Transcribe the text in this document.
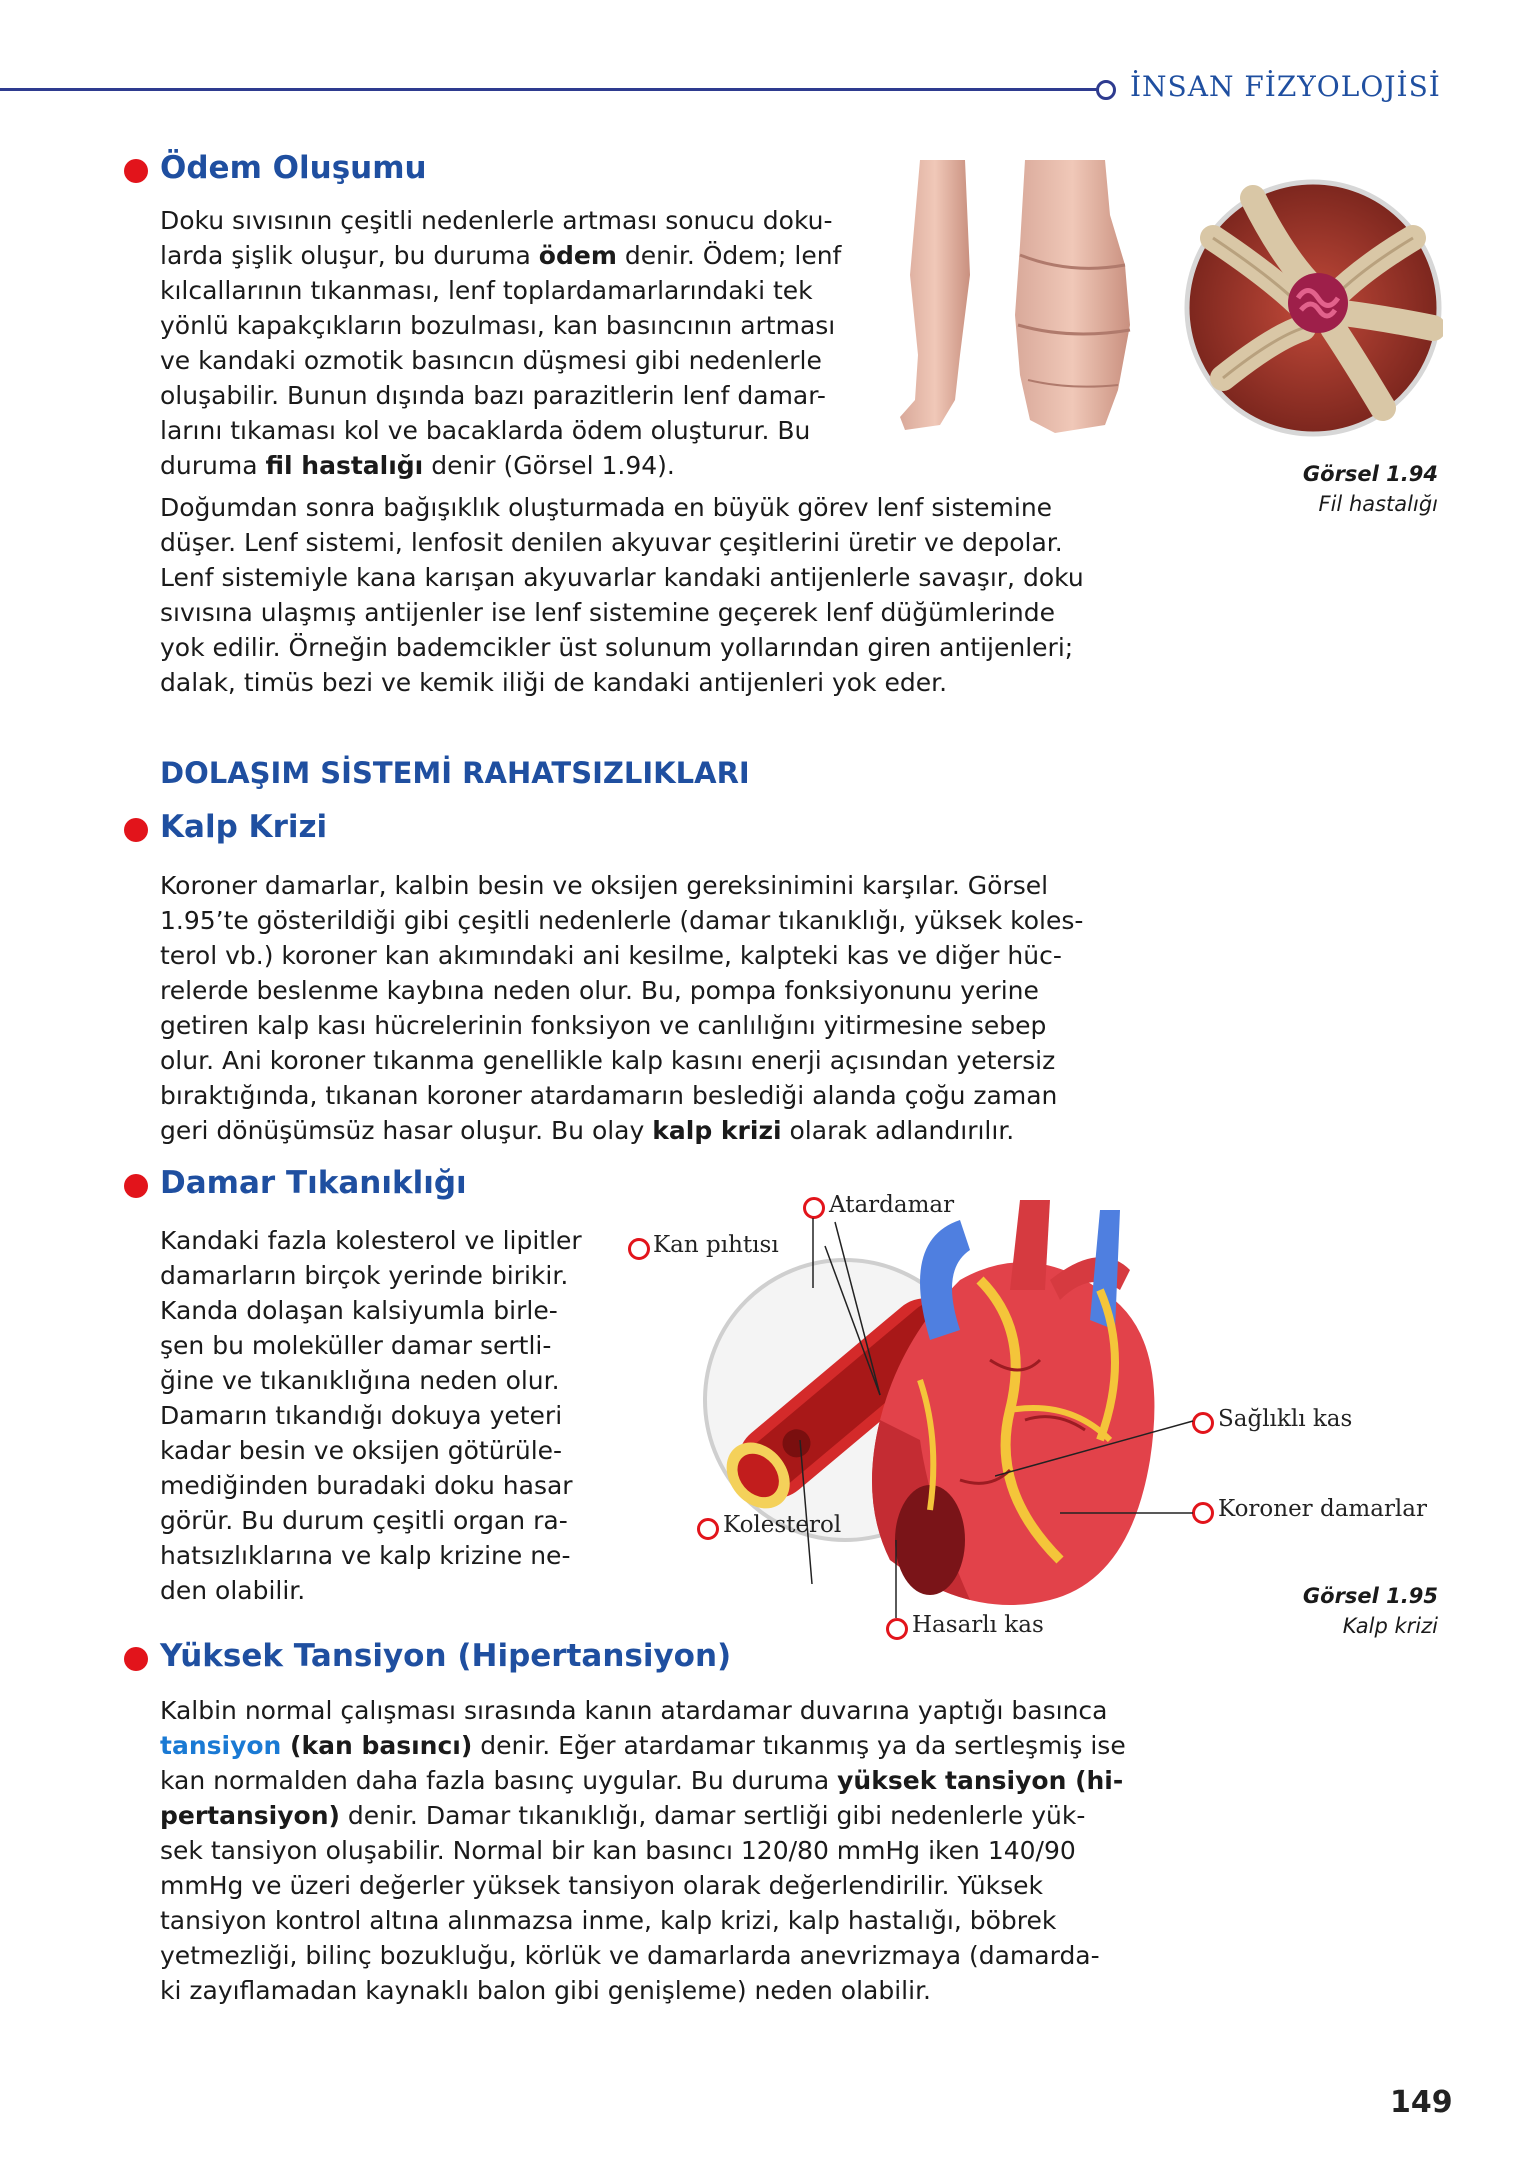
İNSAN FİZYOLOJİSİ
Ödem Oluşumu
Doku sıvısının çeşitli nedenlerle artması sonucu doku-
larda şişlik oluşur, bu duruma ödem denir. Ödem; lenf
kılcallarının tıkanması, lenf toplardamarlarındaki tek
yönlü kapakçıkların bozulması, kan basıncının artması
ve kandaki ozmotik basıncın düşmesi gibi nedenlerle
oluşabilir. Bunun dışında bazı parazitlerin lenf damar-
larını tıkaması kol ve bacaklarda ödem oluşturur. Bu
duruma fil hastalığı denir (Görsel 1.94).	Görsel 1.94
Fil hastalığı
Doğumdan sonra bağışıklık oluşturmada en büyük görev lenf sistemine
düşer. Lenf sistemi, lenfosit denilen akyuvar çeşitlerini üretir ve depolar.
Lenf sistemiyle kana karışan akyuvarlar kandaki antijenlerle savaşır, doku
sıvısına ulaşmış antijenler ise lenf sistemine geçerek lenf düğümlerinde
yok edilir. Örneğin bademcikler üst solunum yollarından giren antijenleri;
dalak, timüs bezi ve kemik iliği de kandaki antijenleri yok eder.
DOLAŞIM SİSTEMİ RAHATSIZLIKLARI
Kalp Krizi
Koroner damarlar, kalbin besin ve oksijen gereksinimini karşılar. Görsel
1.95’te gösterildiği gibi çeşitli nedenlerle (damar tıkanıklığı, yüksek koles-
terol vb.) koroner kan akımındaki ani kesilme, kalpteki kas ve diğer hüc-
relerde beslenme kaybına neden olur. Bu, pompa fonksiyonunu yerine
getiren kalp kası hücrelerinin fonksiyon ve canlılığını yitirmesine sebep
olur. Ani koroner tıkanma genellikle kalp kasını enerji açısından yetersiz
bıraktığında, tıkanan koroner atardamarın beslediği alanda çoğu zaman
geri dönüşümsüz hasar oluşur. Bu olay kalp krizi olarak adlandırılır.
Damar Tıkanıklığı
Kandaki fazla kolesterol ve lipitler
damarların birçok yerinde birikir.
Kanda dolaşan kalsiyumla birle-
şen bu moleküller damar sertli-
ğine ve tıkanıklığına neden olur.
Damarın tıkandığı dokuya yeteri
kadar besin ve oksijen götürüle-
mediğinden buradaki doku hasar
görür. Bu durum çeşitli organ ra-
hatsızlıklarına ve kalp krizine ne-
den olabilir.
Atardamar
Kan pıhtısı
Sağlıklı kas
Koroner damarlar
Kolesterol
Hasarlı kas
Görsel 1.95
Kalp krizi
Yüksek Tansiyon (Hipertansiyon)
Kalbin normal çalışması sırasında kanın atardamar duvarına yaptığı basınca
tansiyon (kan basıncı) denir. Eğer atardamar tıkanmış ya da sertleşmiş ise
kan normalden daha fazla basınç uygular. Bu duruma yüksek tansiyon (hi-
pertansiyon) denir. Damar tıkanıklığı, damar sertliği gibi nedenlerle yük-
sek tansiyon oluşabilir. Normal bir kan basıncı 120/80 mmHg iken 140/90
mmHg ve üzeri değerler yüksek tansiyon olarak değerlendirilir. Yüksek
tansiyon kontrol altına alınmazsa inme, kalp krizi, kalp hastalığı, böbrek
yetmezliği, bilinç bozukluğu, körlük ve damarlarda anevrizmaya (damarda-
ki zayıflamadan kaynaklı balon gibi genişleme) neden olabilir.
149
